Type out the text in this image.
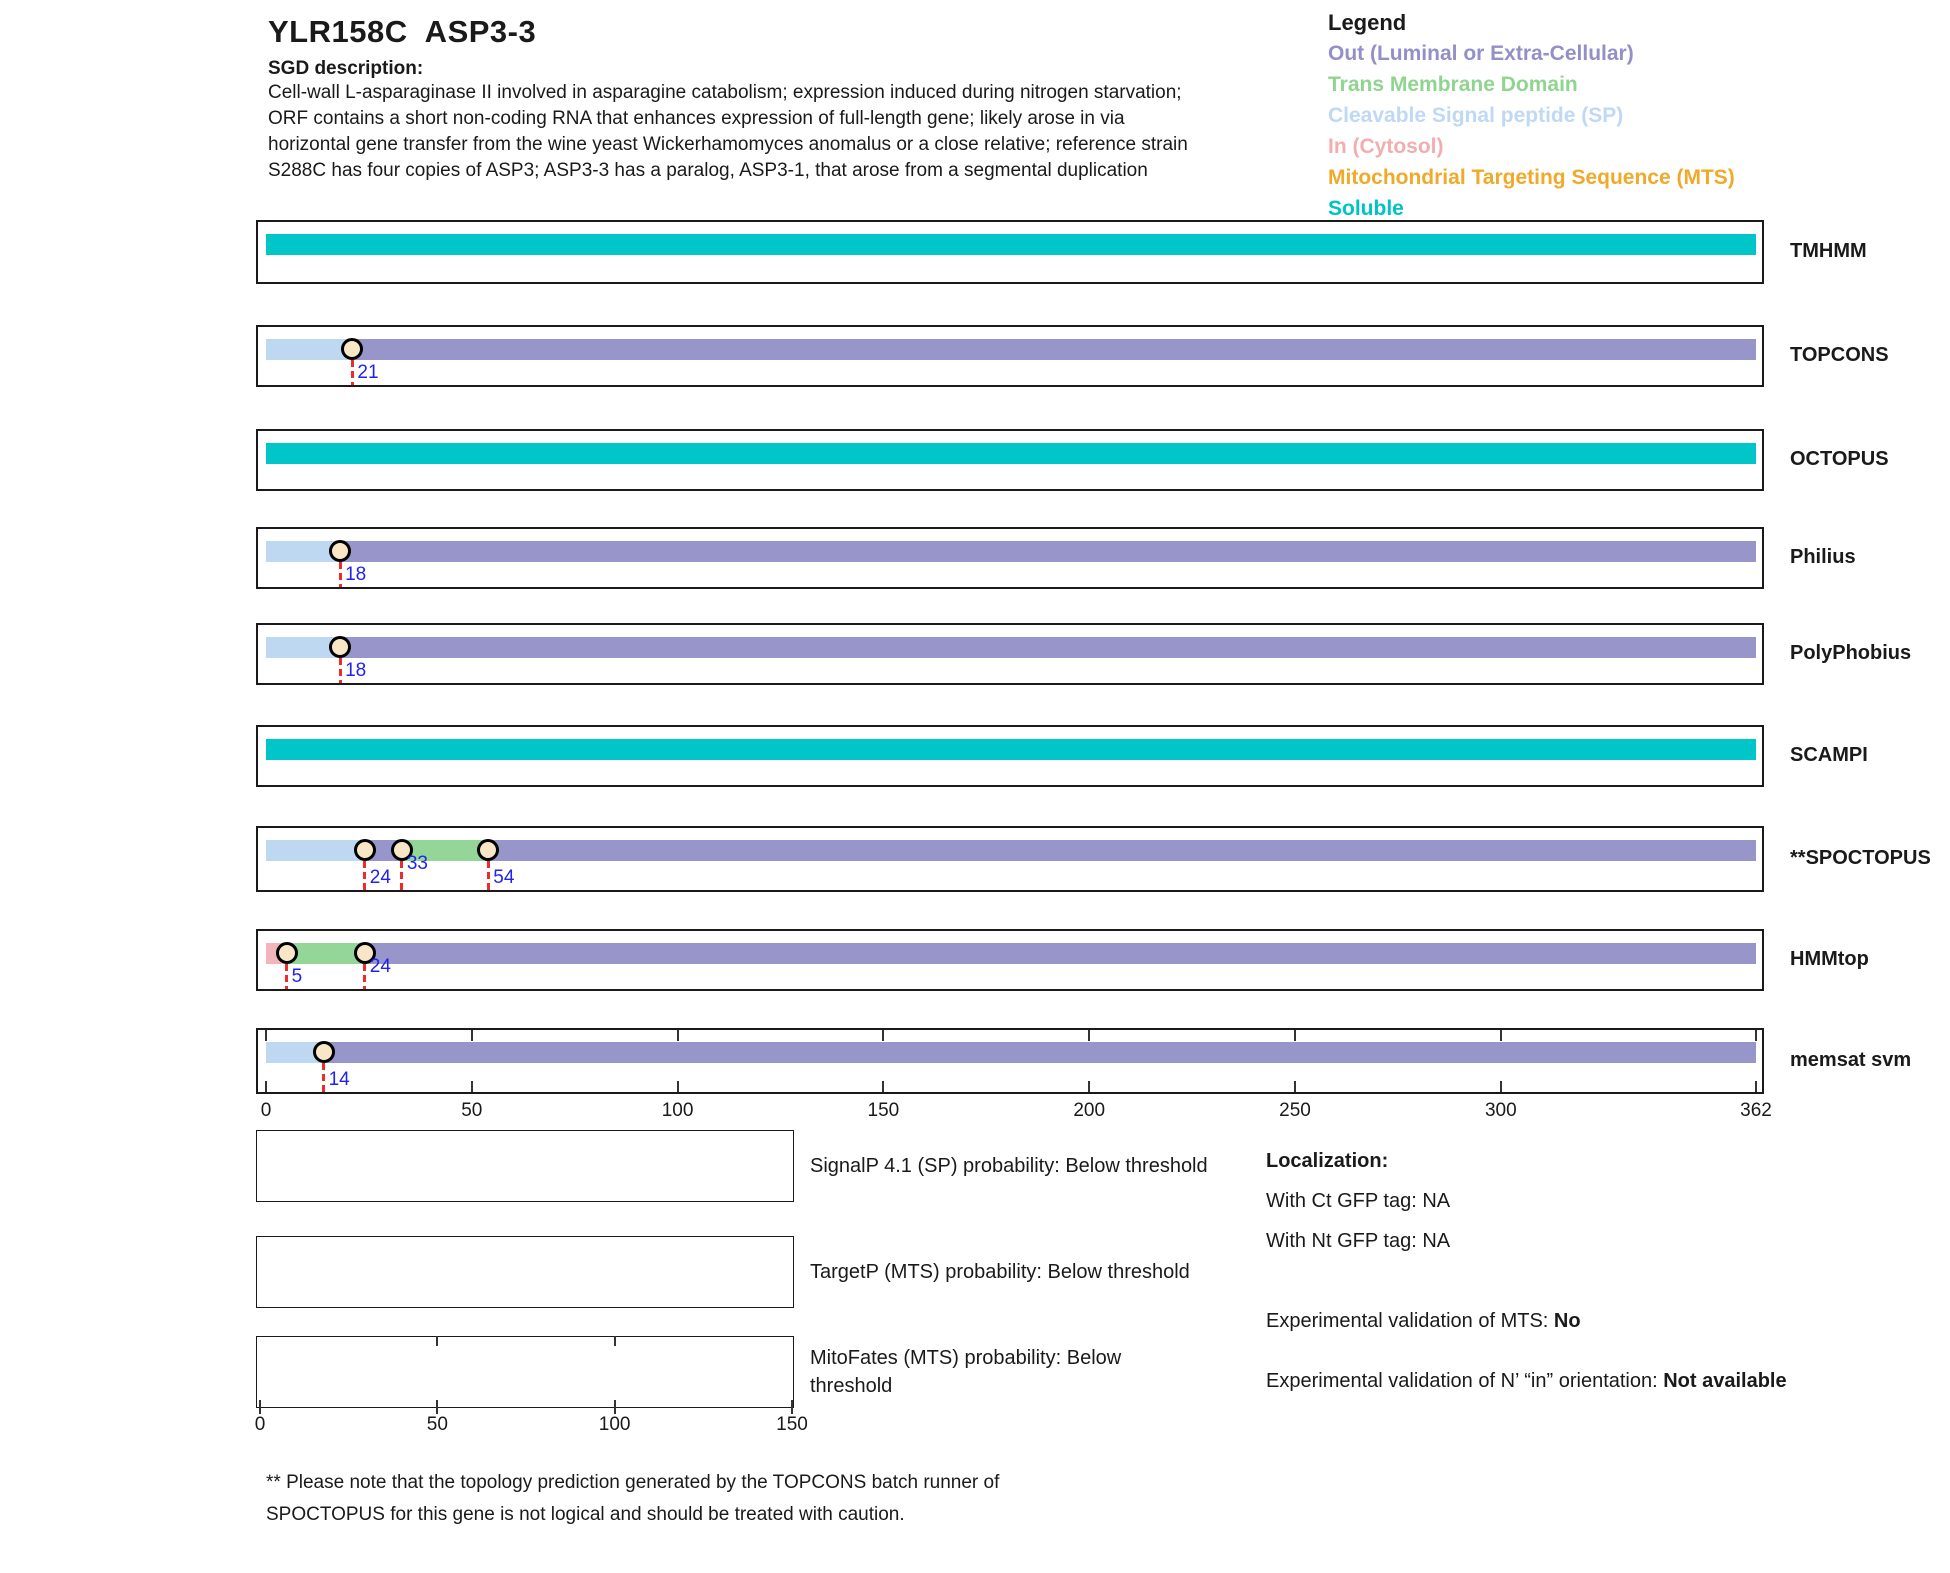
YLR158C  ASP3-3
SGD description:
Cell-wall L-asparaginase II involved in asparagine catabolism; expression induced during nitrogen starvation;
ORF contains a short non-coding RNA that enhances expression of full-length gene; likely arose in via
horizontal gene transfer from the wine yeast Wickerhamomyces anomalus or a close relative; reference strain
S288C has four copies of ASP3; ASP3-3 has a paralog, ASP3-1, that arose from a segmental duplication
Legend
Out (Luminal or Extra-Cellular)
Trans Membrane Domain
Cleavable Signal peptide (SP)
In (Cytosol)
Mitochondrial Targeting Sequence (MTS)
Soluble
TMHMM
21
TOPCONS
OCTOPUS
18
Philius
18
PolyPhobius
SCAMPI
24
33
54
**SPOCTOPUS
5	24	HMMtop
14
memsat svm
0	50	100	150	200	250	300	362
SignalP 4.1 (SP) probability: Below threshold
TargetP (MTS) probability: Below threshold
MitoFates (MTS) probability: Below threshold
0	50	100	150
Localization:
With Ct GFP tag: NA
With Nt GFP tag: NA
Experimental validation of MTS: No
Experimental validation of N’ “in” orientation: Not available
** Please note that the topology prediction generated by the TOPCONS batch runner of
SPOCTOPUS for this gene is not logical and should be treated with caution.
